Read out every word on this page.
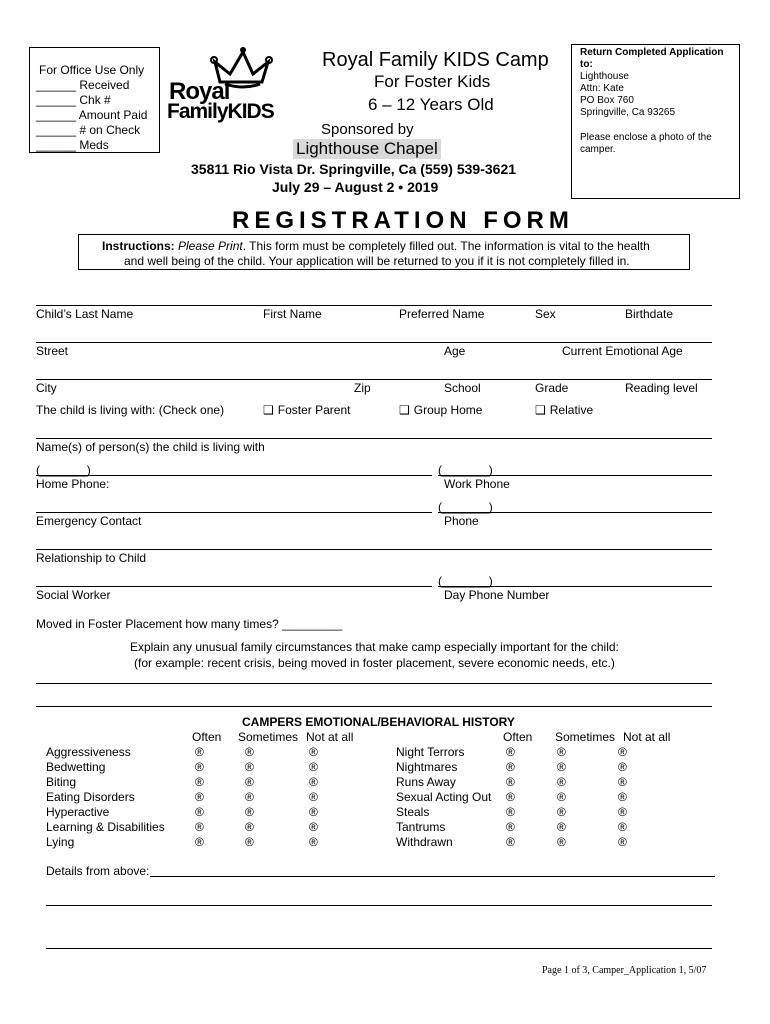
For Office Use Only
______ Received
______ Chk #
______ Amount Paid
______ # on Check
______ Meds
Royal
FamilyKIDS
Royal Family KIDS Camp
For Foster Kids
6 – 12 Years Old
Sponsored by
Lighthouse Chapel
35811 Rio Vista Dr. Springville, Ca (559) 539-3621
July 29 – August 2 • 2019
Return Completed Application to:
Lighthouse
Attn: Kate
PO Box 760
Springville, Ca 93265
Please enclose a photo of the camper.
REGISTRATION FORM
Instructions: Please Print. This form must be completely filled out. The information is vital to the health
and well being of the child. Your application will be returned to you if it is not completely filled in.
Child’s Last Name	First Name	Preferred Name	Sex	Birthdate
Street	Age	Current Emotional Age
City	Zip	School	Grade	Reading level
The child is living with: (Check one)	❑ Foster Parent	❑ Group Home	❑ Relative
Name(s) of person(s) the child is living with
(_______)	(_______)
Home Phone:	Work Phone
(_______)
Emergency Contact	Phone
Relationship to Child
(_______)
Social Worker	Day Phone Number
Moved in Foster Placement how many times? _________
Explain any unusual family circumstances that make camp especially important for the child:
(for example: recent crisis, being moved in foster placement, severe economic needs, etc.)
CAMPERS EMOTIONAL/BEHAVIORAL HISTORY
Often Sometimes Not at all	Often Sometimes Not at all
Aggressiveness	®	®	®
Bedwetting	®	®	®
Biting	®	®	®
Eating Disorders	®	®	®
Hyperactive	®	®	®
Learning & Disabilities	®	®	®
Lying	®	®	®
Night Terrors	®	®	®
Nightmares	®	®	®
Runs Away	®	®	®
Sexual Acting Out ®	®	®
Steals	®	®	®
Tantrums	®	®	®
Withdrawn	®	®	®
Details from above:
Page 1 of 3, Camper_Application 1, 5/07
